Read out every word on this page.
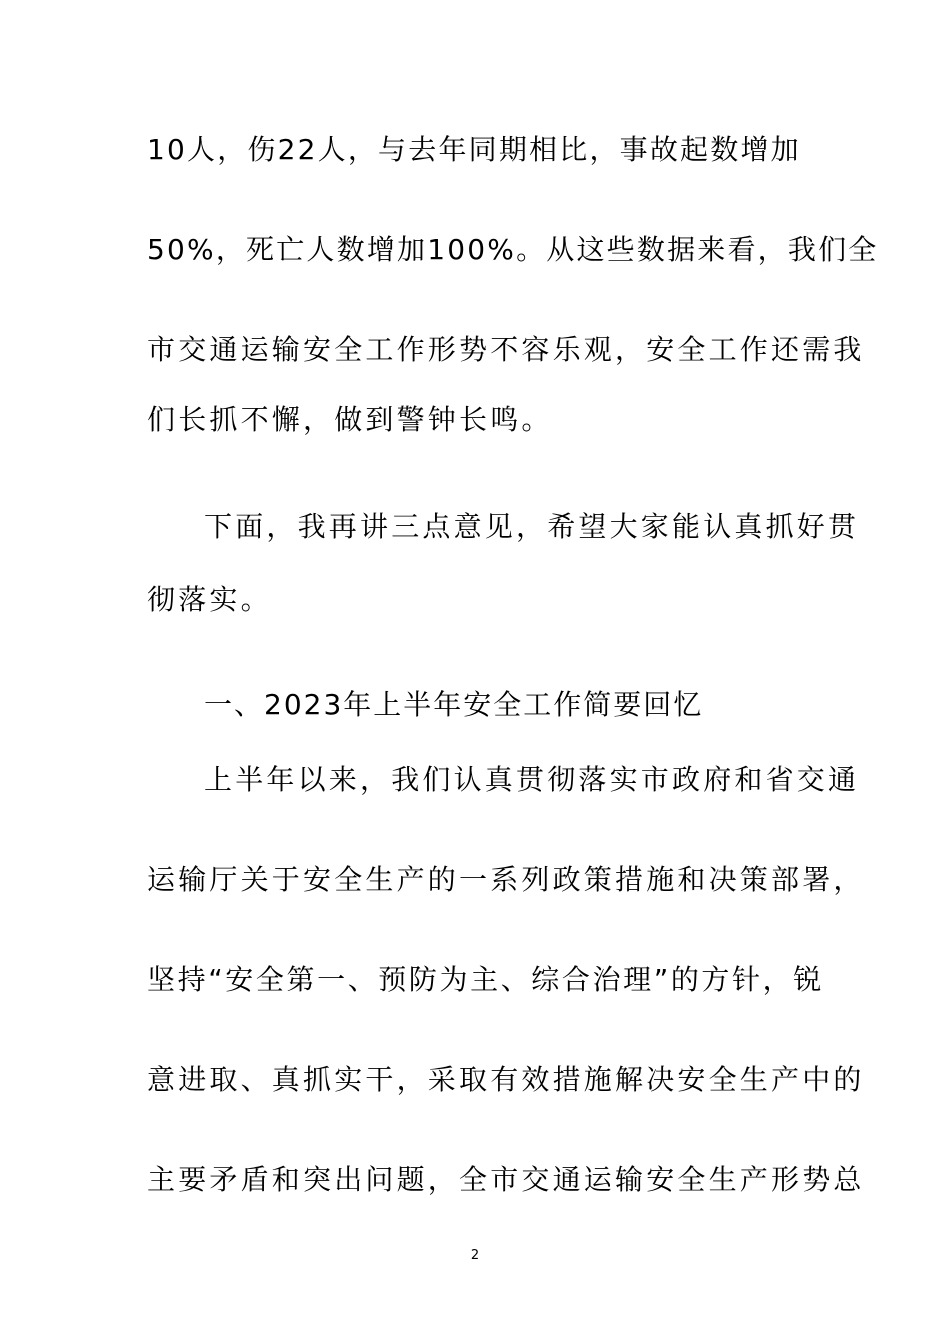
10人，伤22人，与去年同期相比，事故起数增加
50%，死亡人数增加100%。从这些数据来看，我们全
市交通运输安全工作形势不容乐观，安全工作还需我
们长抓不懈，做到警钟长鸣。
下面，我再讲三点意见，希望大家能认真抓好贯
彻落实。
一、2023年上半年安全工作简要回忆
上半年以来，我们认真贯彻落实市政府和省交通
运输厅关于安全生产的一系列政策措施和决策部署，
坚持“安全第一、预防为主、综合治理”的方针，锐
意进取、真抓实干，采取有效措施解决安全生产中的
主要矛盾和突出问题，全市交通运输安全生产形势总
2
